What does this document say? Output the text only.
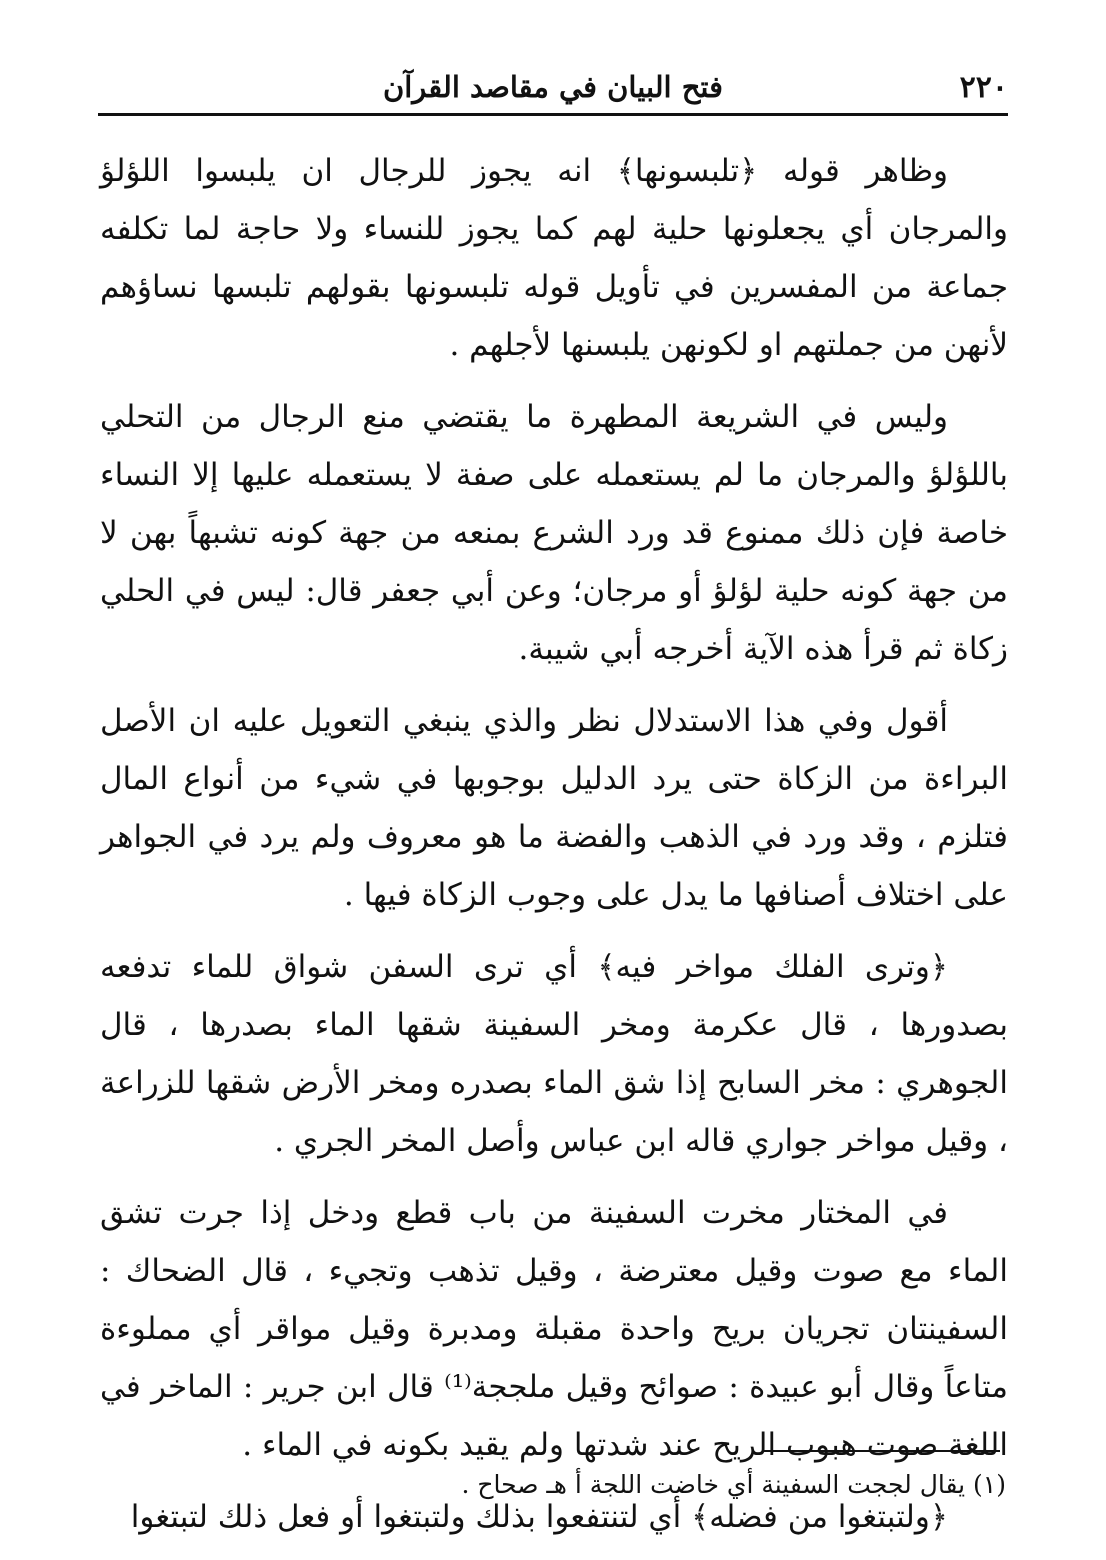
٢٢٠
فتح البيان في مقاصد القرآن

وظاهر قوله ﴿تلبسونها﴾ انه يجوز للرجال ان يلبسوا اللؤلؤ والمرجان أي يجعلونها حلية لهم كما يجوز للنساء ولا حاجة لما تكلفه جماعة من المفسرين في تأويل قوله تلبسونها بقولهم تلبسها نساؤهم لأنهن من جملتهم او لكونهن يلبسنها لأجلهم .

وليس في الشريعة المطهرة ما يقتضي منع الرجال من التحلي باللؤلؤ والمرجان ما لم يستعمله على صفة لا يستعمله عليها إلا النساء خاصة فإن ذلك ممنوع قد ورد الشرع بمنعه من جهة كونه تشبهاً بهن لا من جهة كونه حلية لؤلؤ أو مرجان؛ وعن أبي جعفر قال: ليس في الحلي زكاة ثم قرأ هذه الآية أخرجه أبي شيبة.

أقول وفي هذا الاستدلال نظر والذي ينبغي التعويل عليه ان الأصل البراءة من الزكاة حتى يرد الدليل بوجوبها في شيء من أنواع المال فتلزم ، وقد ورد في الذهب والفضة ما هو معروف ولم يرد في الجواهر على اختلاف أصنافها ما يدل على وجوب الزكاة فيها .

﴿وترى الفلك مواخر فيه﴾ أي ترى السفن شواق للماء تدفعه بصدورها ، قال عكرمة ومخر السفينة شقها الماء بصدرها ، قال الجوهري : مخر السابح إذا شق الماء بصدره ومخر الأرض شقها للزراعة ، وقيل مواخر جواري قاله ابن عباس وأصل المخر الجري .

في المختار مخرت السفينة من باب قطع ودخل إذا جرت تشق الماء مع صوت وقيل معترضة ، وقيل تذهب وتجيء ، قال الضحاك : السفينتان تجريان بريح واحدة مقبلة ومدبرة وقيل مواقر أي مملوءة متاعاً وقال أبو عبيدة : صوائح وقيل ملججة⁽¹⁾ قال ابن جرير : الماخر في اللغة صوت هبوب الريح عند شدتها ولم يقيد بكونه في الماء .

﴿ولتبتغوا من فضله﴾ أي لتنتفعوا بذلك ولتبتغوا أو فعل ذلك لتبتغوا

(١) يقال لججت السفينة أي خاضت اللجة أ هـ صحاح .
